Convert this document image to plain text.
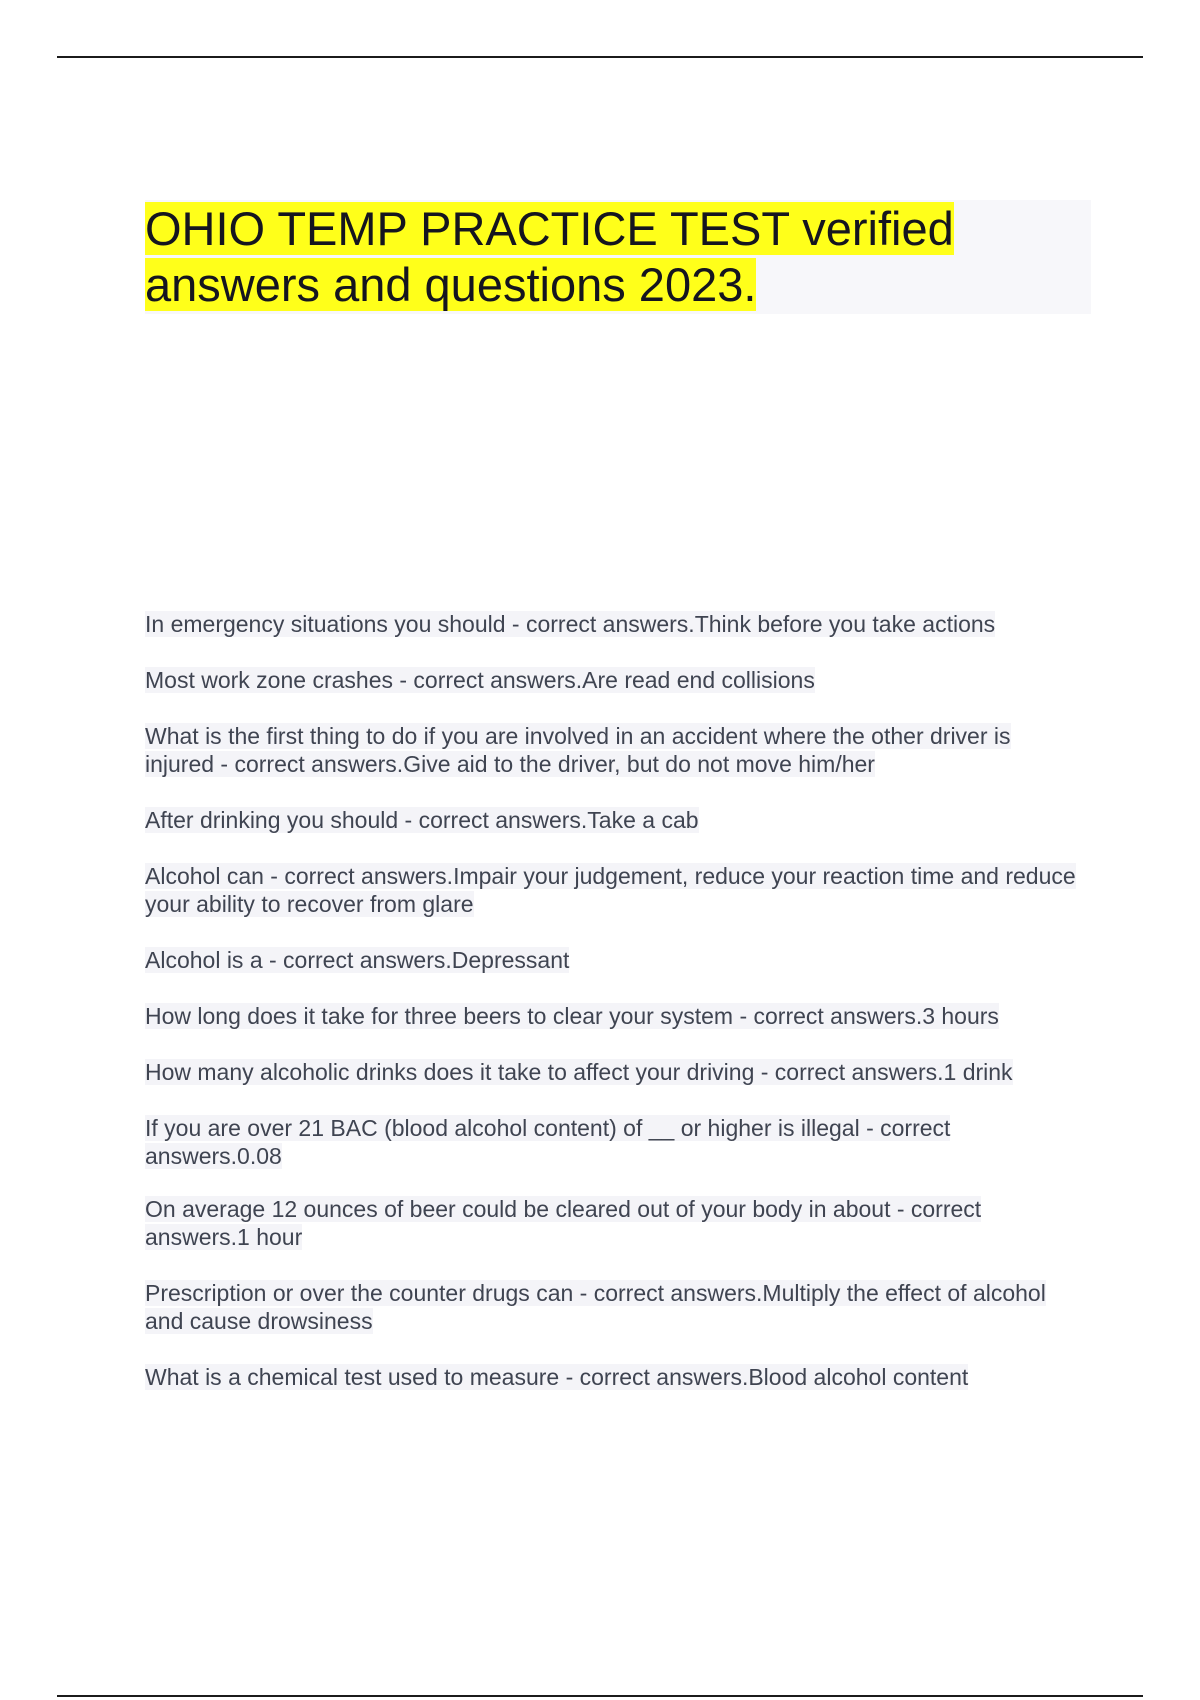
OHIO TEMP PRACTICE TEST verified answers and questions 2023.
In emergency situations you should - correct answers.Think before you take actions
Most work zone crashes - correct answers.Are read end collisions
What is the first thing to do if you are involved in an accident where the other driver is injured - correct answers.Give aid to the driver, but do not move him/her
After drinking you should - correct answers.Take a cab
Alcohol can - correct answers.Impair your judgement, reduce your reaction time and reduce your ability to recover from glare
Alcohol is a - correct answers.Depressant
How long does it take for three beers to clear your system - correct answers.3 hours
How many alcoholic drinks does it take to affect your driving - correct answers.1 drink
If you are over 21 BAC (blood alcohol content) of __ or higher is illegal - correct answers.0.08
On average 12 ounces of beer could be cleared out of your body in about - correct answers.1 hour
Prescription or over the counter drugs can - correct answers.Multiply the effect of alcohol and cause drowsiness
What is a chemical test used to measure - correct answers.Blood alcohol content
